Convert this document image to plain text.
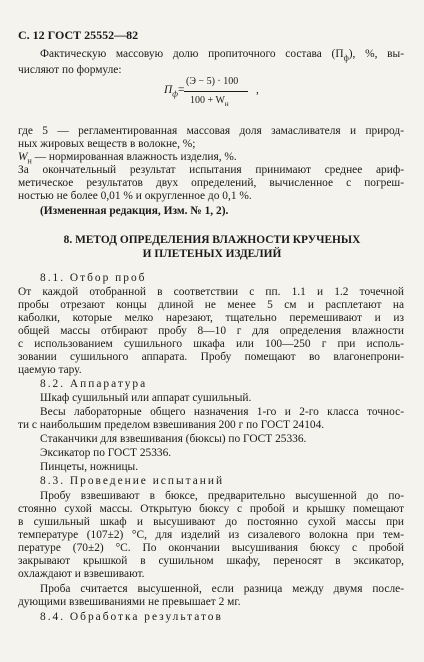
С. 12 ГОСТ 25552—82
Фактическую массовую долю пропиточного состава $(П_ф)$, %, вы-
числяют по формуле:
$П_ф$ =
(Э − 5) · 100
$100 + W_н$
,
где 5 — регламентированная массовая доля замасливателя и природ-
ных жировых веществ в волокне, %;
$W_н$ — нормированная влажность изделия, %.
За окончательный результат испытания принимают среднее ариф-
метическое результатов двух определений, вычисленное с погреш-
ностью не более 0,01 % и округленное до 0,1 %.
(Измененная редакция, Изм. № 1, 2).
8. МЕТОД ОПРЕДЕЛЕНИЯ ВЛАЖНОСТИ КРУЧЕНЫХ
И ПЛЕТЕНЫХ ИЗДЕЛИЙ
8.1. Отбор проб
От каждой отобранной в соответствии с пп. 1.1 и 1.2 точечной
пробы отрезают концы длиной не менее 5 см и расплетают на
каболки, которые мелко нарезают, тщательно перемешивают и из
общей массы отбирают пробу 8—10 г для определения влажности
с использованием сушильного шкафа или 100—250 г при исполь-
зовании сушильного аппарата. Пробу помещают во влагонепрони-
цаемую тару.
8.2. Аппаратура
Шкаф сушильный или аппарат сушильный.
Весы лабораторные общего назначения 1-го и 2-го класса точнос-
ти с наибольшим пределом взвешивания 200 г по ГОСТ 24104.
Стаканчики для взвешивания (бюксы) по ГОСТ 25336.
Эксикатор по ГОСТ 25336.
Пинцеты, ножницы.
8.3. Проведение испытаний
Пробу взвешивают в бюксе, предварительно высушенной до по-
стоянно сухой массы. Открытую бюксу с пробой и крышку помещают
в сушильный шкаф и высушивают до постоянно сухой массы при
температуре (107±2) °С, для изделий из сизалевого волокна при тем-
пературе (70±2) °С. По окончании высушивания бюксу с пробой
закрывают крышкой в сушильном шкафу, переносят в эксикатор,
охлаждают и взвешивают.
Проба считается высушенной, если разница между двумя после-
дующими взвешиваниями не превышает 2 мг.
8.4. Обработка результатов
